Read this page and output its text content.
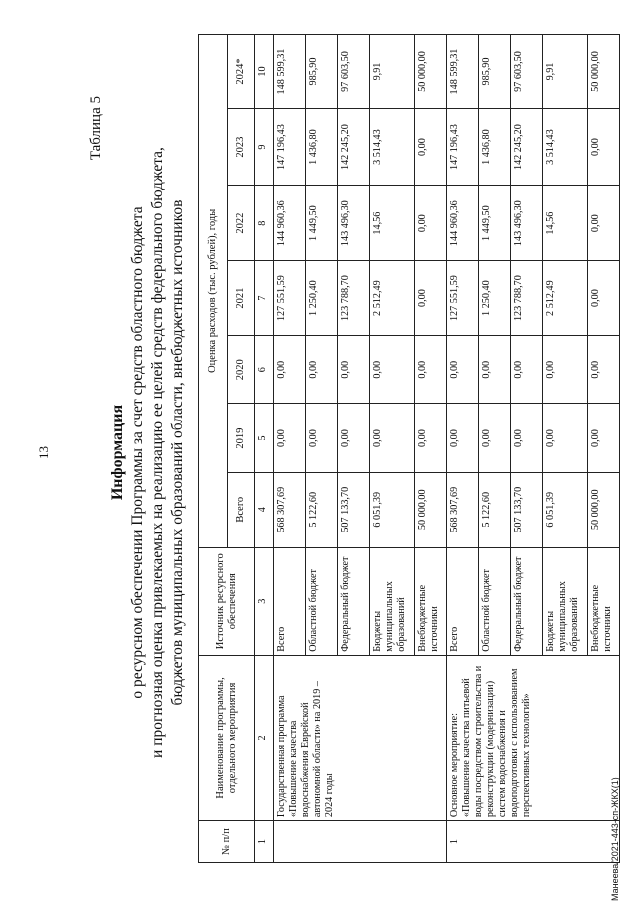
13
Таблица 5
Информация о ресурсном обеспечении Программы за счет средств областного бюджета и прогнозная оценка привлекаемых на реализацию ее целей средств федерального бюджета, бюджетов муниципальных образований области, внебюджетных источников
№ п/п	Наименование программы, отдельного мероприятия	Источник ресурсного обеспечения	Оценка расходов (тыс. рублей), годы						
			Всего	2019	2020	2021	2022	2023	2024*
1	2	3	4	5	6	7	8	9	10
	Государственная программа «Повышение качества водоснабжения Еврейской автономной области» на 2019 – 2024 годы	Всего	568 307,69	0,00	0,00	127 551,59	144 960,36	147 196,43	148 599,31
		Областной бюджет	5 122,60	0,00	0,00	1 250,40	1 449,50	1 436,80	985,90
		Федеральный бюджет	507 133,70	0,00	0,00	123 788,70	143 496,30	142 245,20	97 603,50
		Бюджеты муниципальных образований	6 051,39	0,00	0,00	2 512,49	14,56	3 514,43	9,91
		Внебюджетные источники	50 000,00	0,00	0,00	0,00	0,00	0,00	50 000,00
1	Основное мероприятие: «Повышение качества питьевой воды посредством строительства и реконструкции (модернизации) систем водоснабжения и водоподготовки с использованием перспективных технологий»	Всего	568 307,69	0,00	0,00	127 551,59	144 960,36	147 196,43	148 599,31
		Областной бюджет	5 122,60	0,00	0,00	1 250,40	1 449,50	1 436,80	985,90
		Федеральный бюджет	507 133,70	0,00	0,00	123 788,70	143 496,30	142 245,20	97 603,50
		Бюджеты муниципальных образований	6 051,39	0,00	0,00	2 512,49	14,56	3 514,43	9,91
		Внебюджетные источники	50 000,00	0,00	0,00	0,00	0,00	0,00	50 000,00
Манеева/2021-443-сп-ЖКХ(1)
